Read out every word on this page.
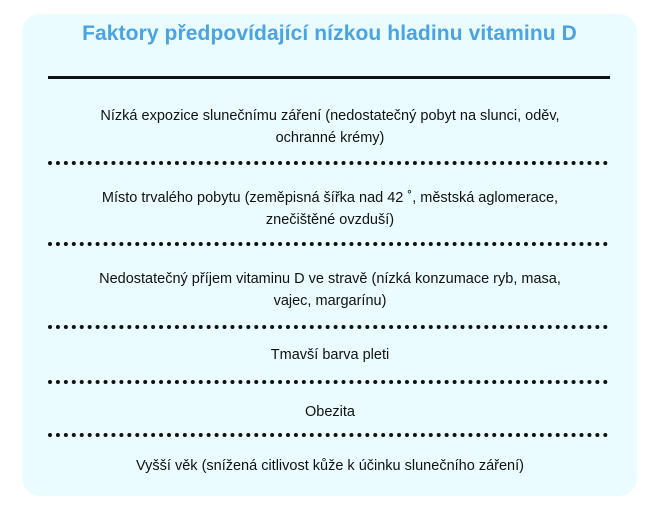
Faktory předpovídající nízkou hladinu vitaminu D
Nízká expozice slunečnímu záření (nedostatečný pobyt na slunci, oděv,
ochranné krémy)
Místo trvalého pobytu (zeměpisná šířka nad 42 ˚, městská aglomerace,
znečištěné ovzduší)
Nedostatečný příjem vitaminu D ve stravě (nízká konzumace ryb, masa,
vajec, margarínu)
Tmavší barva pleti
Obezita
Vyšší věk (snížená citlivost kůže k účinku slunečního záření)
